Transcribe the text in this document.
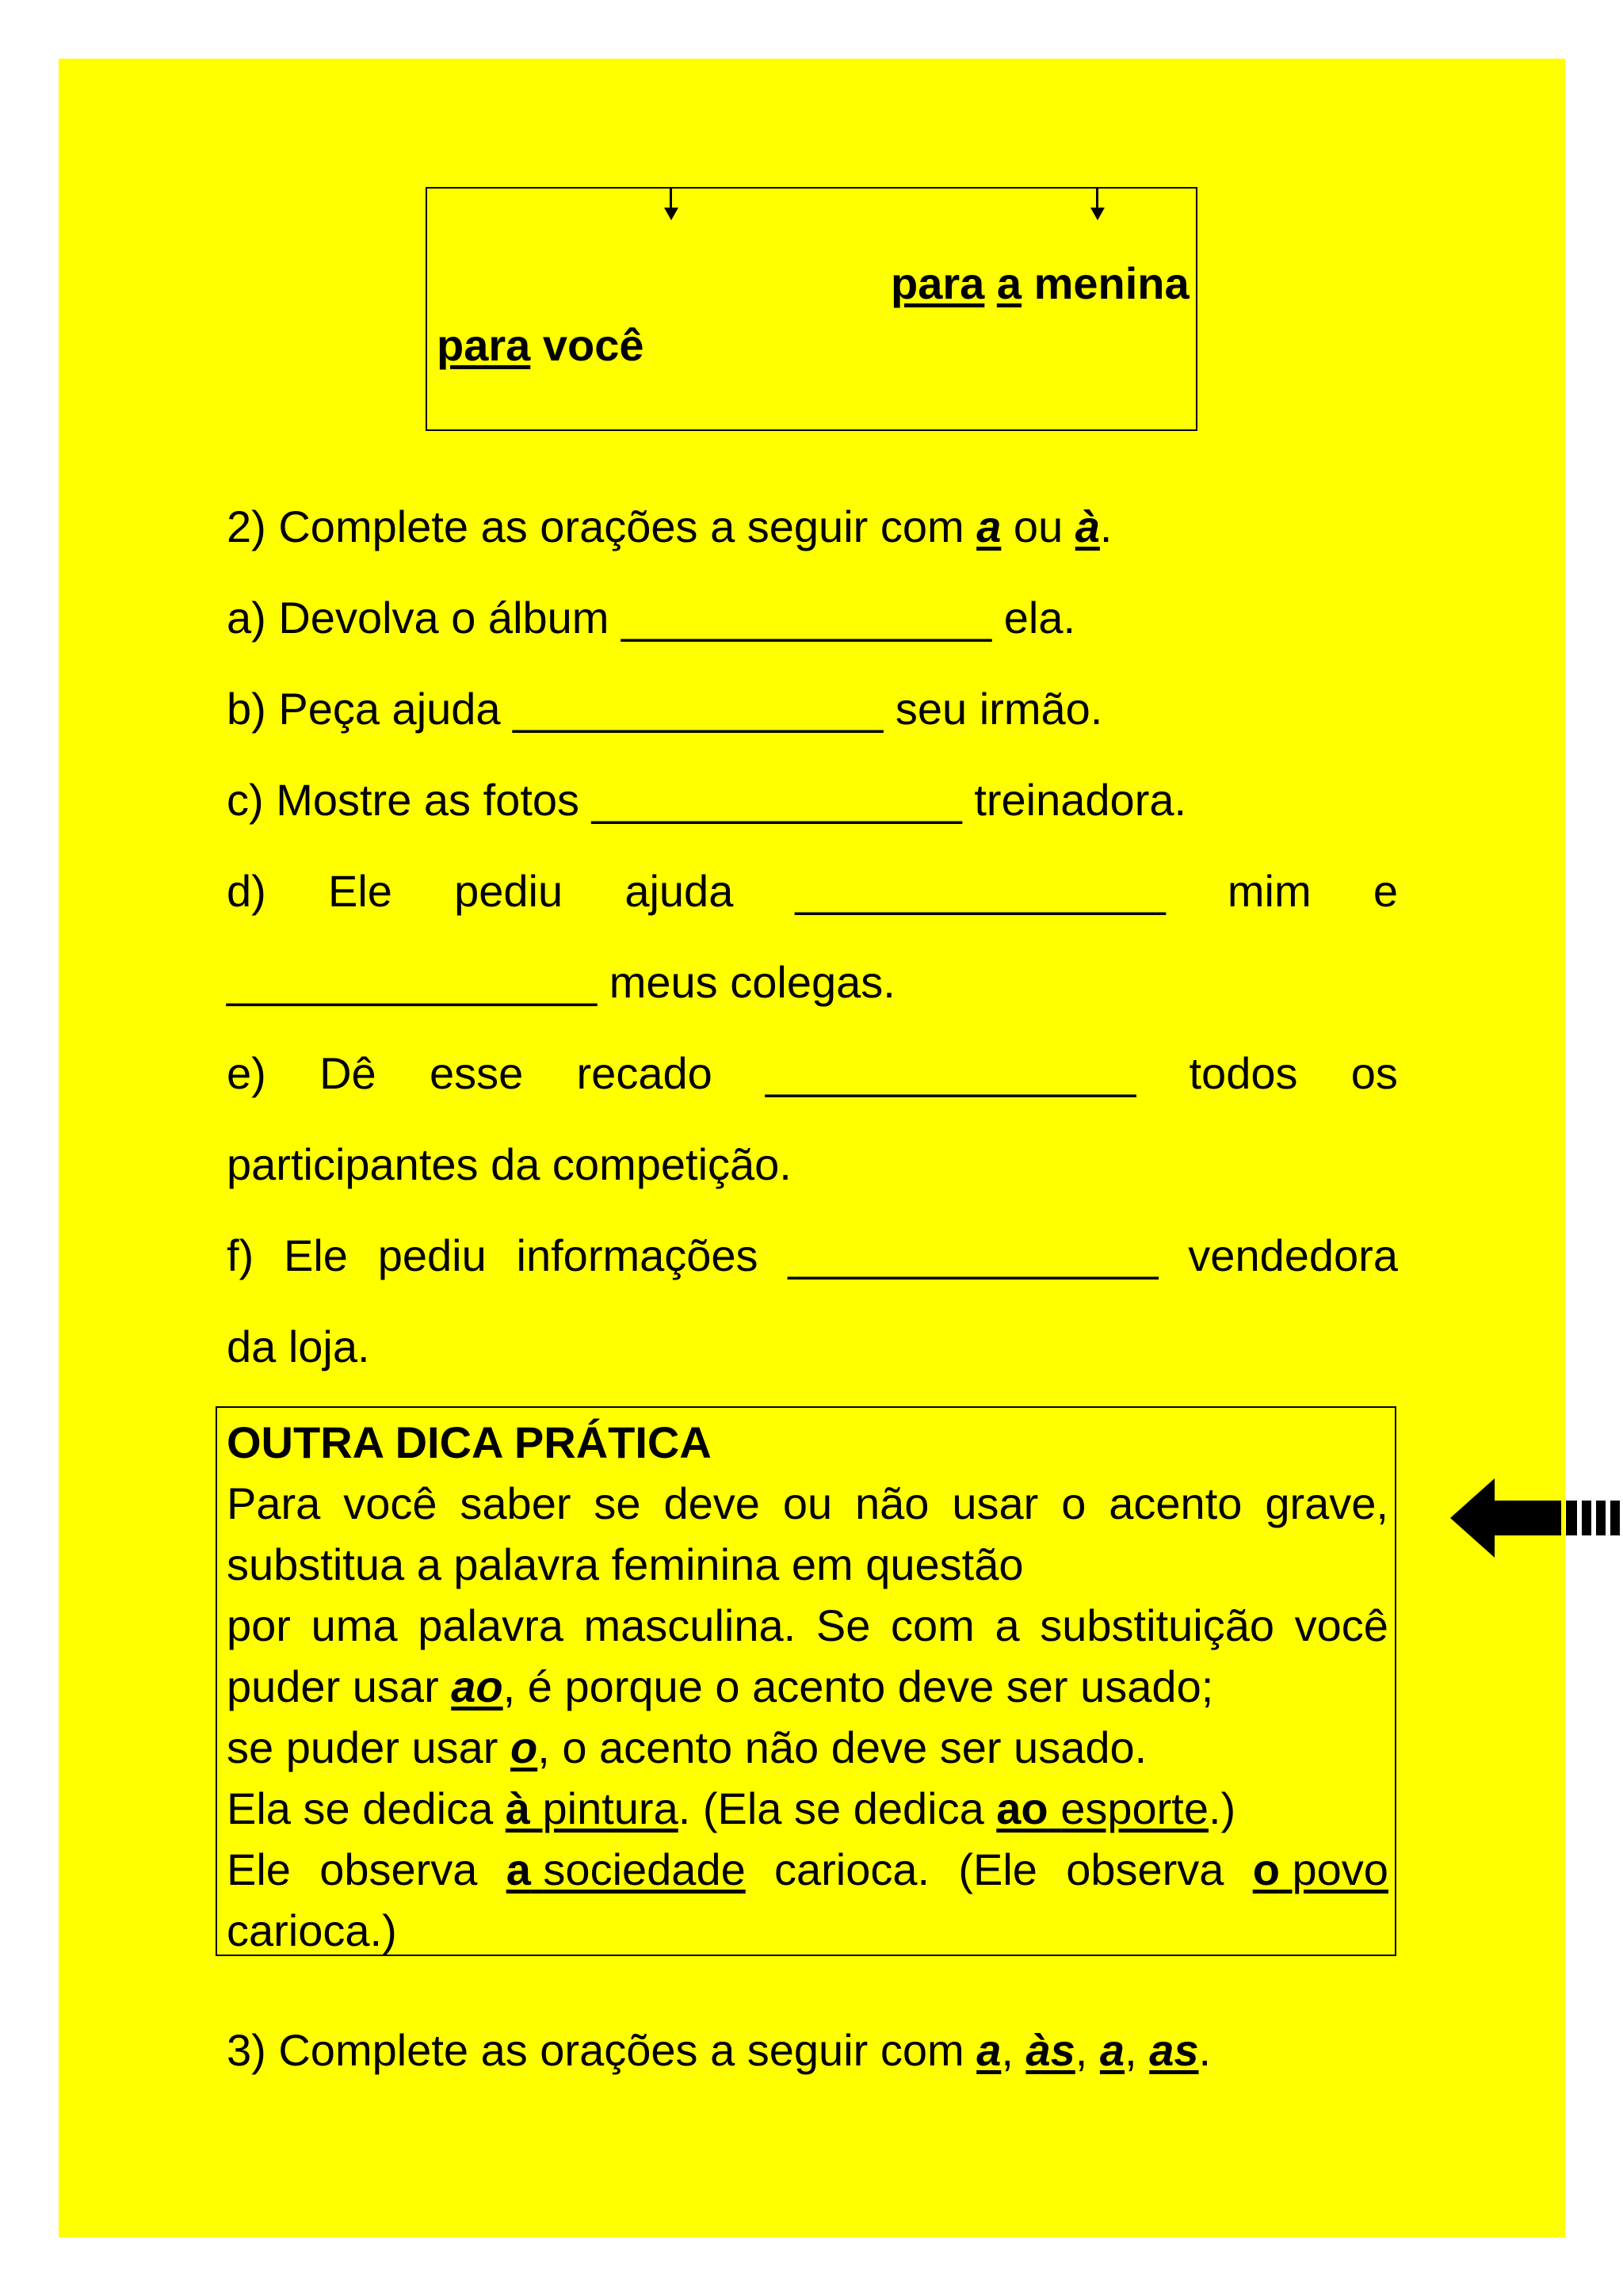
para a menina
para você
2) Complete as orações a seguir com a ou à.
a) Devolva o álbum _______________ ela.
b) Peça ajuda _______________ seu irmão.
c) Mostre as fotos _______________ treinadora.
d) Ele pediu ajuda _______________ mim e
_______________ meus colegas.
e) Dê esse recado _______________ todos os
participantes da competição.
f) Ele pediu informações _______________ vendedora
da loja.
OUTRA DICA PRÁTICA
Para você saber se deve ou não usar o acento grave,
substitua a palavra feminina em questão
por uma palavra masculina. Se com a substituição você
puder usar ao, é porque o acento deve ser usado;
se puder usar o, o acento não deve ser usado.
Ela se dedica à pintura. (Ela se dedica ao esporte.)
Ele observa a sociedade carioca. (Ele observa o povo
carioca.)
3) Complete as orações a seguir com a, às, a, as.
